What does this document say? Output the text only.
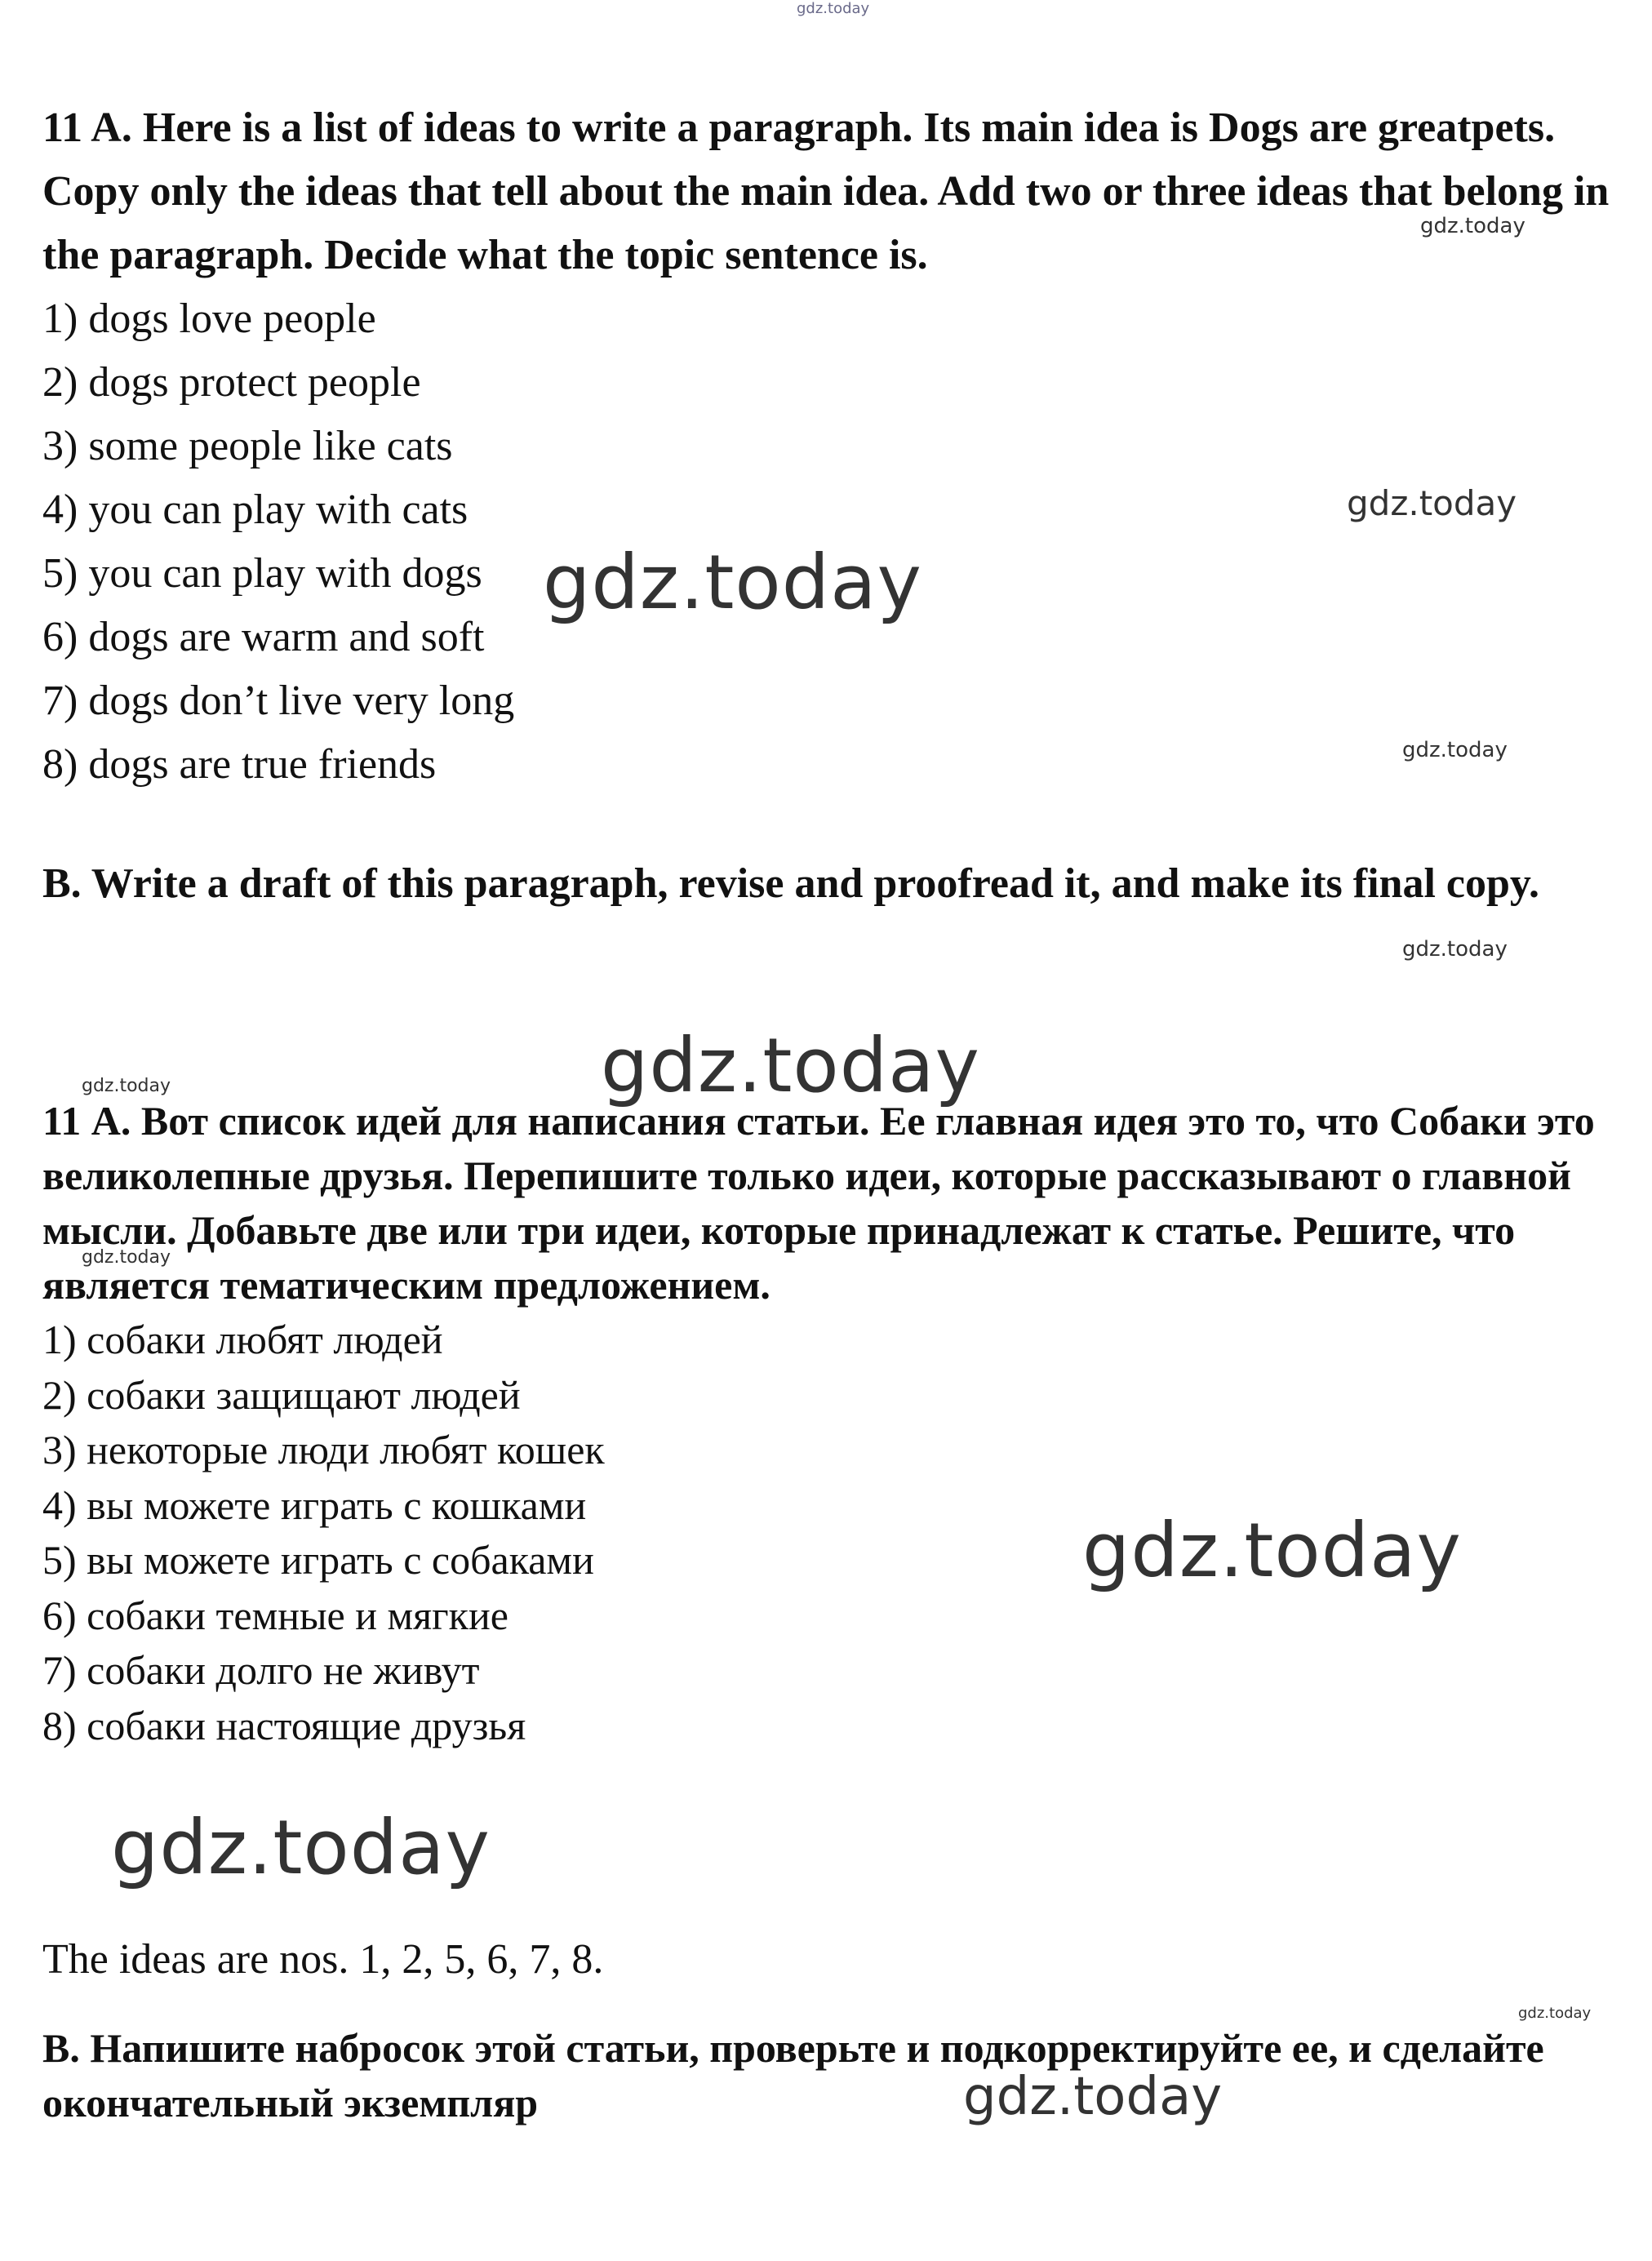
gdz.today

11 A. Here is a list of ideas to write a paragraph. Its main idea is Dogs are greatpets. Copy only the ideas that tell about the main idea. Add two or three ideas that belong in the paragraph. Decide what the topic sentence is.

1) dogs love people
2) dogs protect people
3) some people like cats
4) you can play with cats
5) you can play with dogs
6) dogs are warm and soft
7) dogs don’t live very long
8) dogs are true friends

B. Write a draft of this paragraph, revise and proofread it, and make its final copy.

11 А. Вот список идей для написания статьи. Ее главная идея это то, что Собаки это великолепные друзья. Перепишите только идеи, которые рассказывают о главной мысли. Добавьте две или три идеи, которые принадлежат к статье. Решите, что является тематическим предложением.

1) собаки любят людей
2) собаки защищают людей
3) некоторые люди любят кошек
4) вы можете играть с кошками
5) вы можете играть с собаками
6) собаки темные и мягкие
7) собаки долго не живут
8) собаки настоящие друзья

The ideas are nos. 1, 2, 5, 6, 7, 8.

B. Напишите набросок этой статьи, проверьте и подкорректируйте ее, и сделайте окончательный экземпляр

gdz.today
gdz.today
gdz.today
gdz.today
gdz.today
gdz.today
gdz.today
gdz.today
gdz.today
gdz.today
gdz.today
gdz.today
